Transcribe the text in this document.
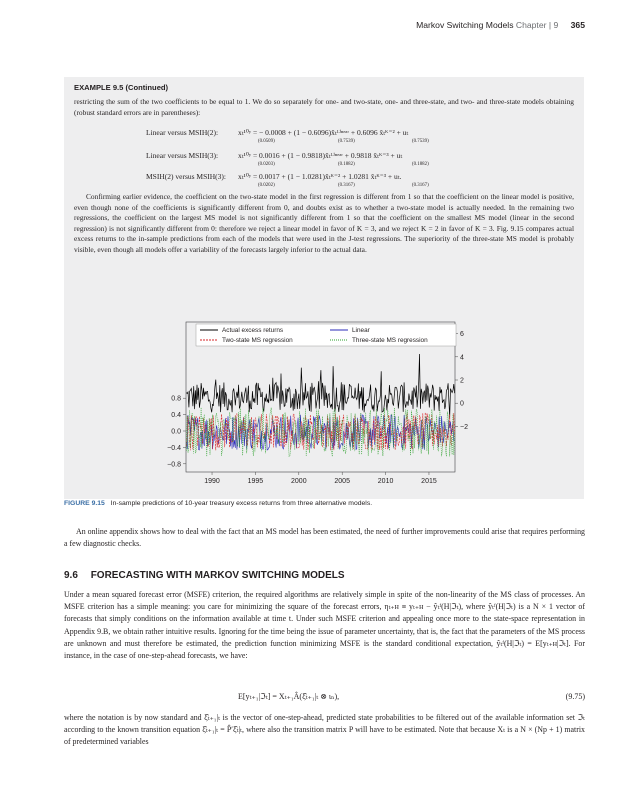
Markov Switching Models Chapter | 9 365
EXAMPLE 9.5 (Continued)
restricting the sum of the two coefficients to be equal to 1. We do so separately for one- and two-state, one- and three-state, and two- and three-state models obtaining (robust standard errors are in parentheses):
Linear versus MSIH(2):	xₜ¹⁰ʸ = − 0.0008 + (1 − 0.6096)x̂ₜᴸⁱⁿᵉᵃʳ + 0.6096 x̂ₜᴷ⁼² + uₜ
(0.0509)	(0.7539)	(0.7539)
Linear versus MSIH(3):	xₜ¹⁰ʸ = 0.0016 + (1 − 0.9818)x̂ₜᴸⁱⁿᵉᵃʳ + 0.9818 x̂ₜᴷ⁼³ + uₜ
(0.0203)	(0.1882)	(0.1882)
MSIH(2) versus MSIH(3): xₜ¹⁰ʸ = 0.0017 + (1 − 1.0281)x̂ₜᴷ⁼² + 1.0281 x̂ₜᴷ⁼³ + uₜ.
(0.0202)	(0.3167)	(0.3167)
Confirming earlier evidence, the coefficient on the two-state model in the first regression is different from 1 so that the coefficient on the linear model is positive, even though none of the coefficients is significantly different from 0, and doubts exist as to whether a two-state model is actually needed. In the remaining two regressions, the coefficient on the largest MS model is not significantly different from 1 so that the coefficient on the smallest MS model (linear in the second regression) is not significantly different from 0: therefore we reject a linear model in favor of K = 3, and we reject K = 2 in favor of K = 3. Fig. 9.15 compares actual excess returns to the in-sample predictions from each of the models that were used in the J-test regressions. The superiority of the three-state MS model is probably visible, even though all models offer a variability of the forecasts largely inferior to the actual data.
6
4
2
0
−2
0.8
0.4
0.0
−0.4
−0.8
1990	1995	2000	2005	2010	2015
Actual excess returns	Linear
Two-state MS regression	Three-state MS regression
FIGURE 9.15 In-sample predictions of 10-year treasury excess returns from three alternative models.
An online appendix shows how to deal with the fact that an MS model has been estimated, the need of further improvements could arise that requires performing a few diagnostic checks.
9.6 FORECASTING WITH MARKOV SWITCHING MODELS
Under a mean squared forecast error (MSFE) criterion, the required algorithms are relatively simple in spite of the non-linearity of the MS class of processes. An MSFE criterion has a simple meaning: you care for minimizing the square of the forecast errors, ηₜ₊ʜ ≡ yₜ₊ʜ − ŷₜᶠ(H|ℑₜ), where ŷₜᶠ(H|ℑₜ) is a N × 1 vector of forecasts that simply conditions on the information available at time t. Under such MSFE criterion and appealing once more to the state-space representation in Appendix 9.B, we obtain rather intuitive results. Ignoring for the time being the issue of parameter uncertainty, that is, the fact that the parameters of the MS process are unknown and must therefore be estimated, the prediction function minimizing MSFE is the standard conditional expectation, ŷₜᶠ(H|ℑₜ) = E[yₜ₊ʜ|ℑₜ]. For instance, in the case of one-step-ahead forecasts, we have:
E[yₜ₊₁|ℑₜ] = Xₜ₊₁Â(ξ̂ₜ₊₁|ₜ ⊗ ιₙ),	(9.75)
where the notation is by now standard and ξ̂ₜ₊₁|ₜ is the vector of one-step-ahead, predicted state probabilities to be filtered out of the available information set ℑₜ according to the known transition equation ξ̂ₜ₊₁|ₜ = P̂′ξ̂ₜ|ₜ, where also the transition matrix P will have to be estimated. Note that because Xₜ is a N × (Np + 1) matrix of predetermined variables
